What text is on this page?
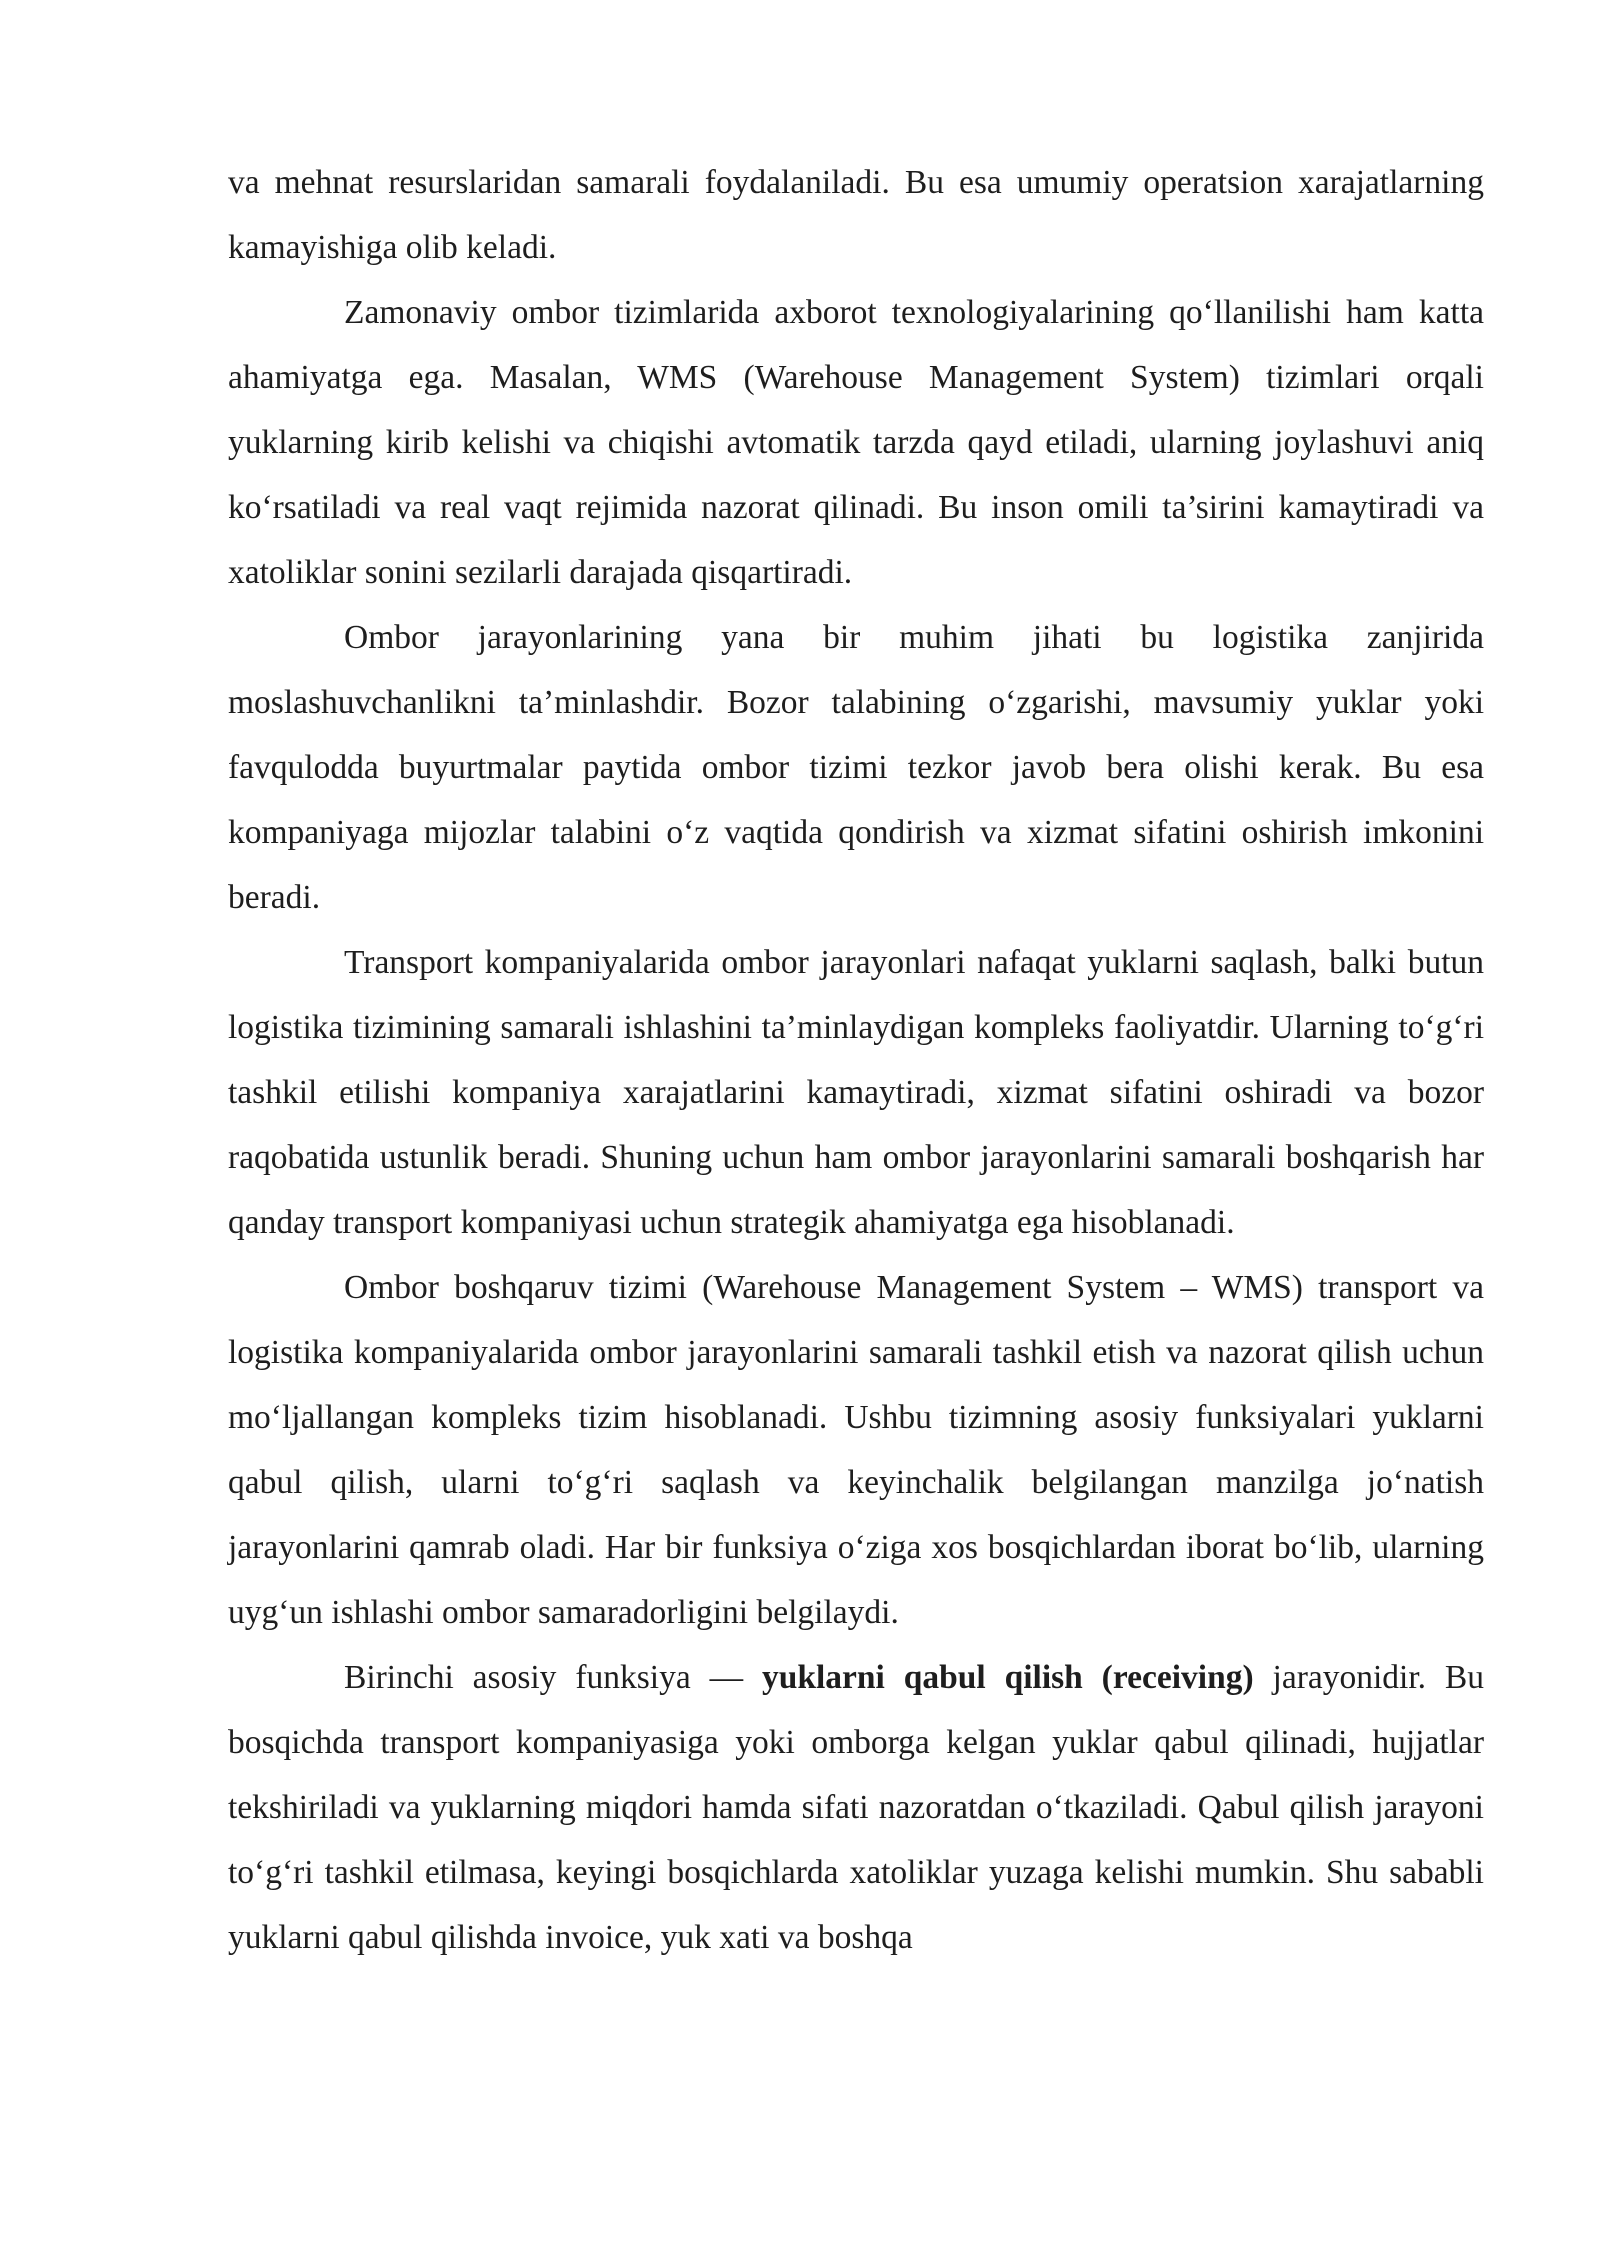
va mehnat resurslaridan samarali foydalaniladi. Bu esa umumiy operatsion xarajatlarning kamayishiga olib keladi.

Zamonaviy ombor tizimlarida axborot texnologiyalarining qo‘llanilishi ham katta ahamiyatga ega. Masalan, WMS (Warehouse Management System) tizimlari orqali yuklarning kirib kelishi va chiqishi avtomatik tarzda qayd etiladi, ularning joylashuvi aniq ko‘rsatiladi va real vaqt rejimida nazorat qilinadi. Bu inson omili ta’sirini kamaytiradi va xatoliklar sonini sezilarli darajada qisqartiradi.

Ombor jarayonlarining yana bir muhim jihati bu logistika zanjirida moslashuvchanlikni ta’minlashdir. Bozor talabining o‘zgarishi, mavsumiy yuklar yoki favqulodda buyurtmalar paytida ombor tizimi tezkor javob bera olishi kerak. Bu esa kompaniyaga mijozlar talabini o‘z vaqtida qondirish va xizmat sifatini oshirish imkonini beradi.

Transport kompaniyalarida ombor jarayonlari nafaqat yuklarni saqlash, balki butun logistika tizimining samarali ishlashini ta’minlaydigan kompleks faoliyatdir. Ularning to‘g‘ri tashkil etilishi kompaniya xarajatlarini kamaytiradi, xizmat sifatini oshiradi va bozor raqobatida ustunlik beradi. Shuning uchun ham ombor jarayonlarini samarali boshqarish har qanday transport kompaniyasi uchun strategik ahamiyatga ega hisoblanadi.

Ombor boshqaruv tizimi (Warehouse Management System – WMS) transport va logistika kompaniyalarida ombor jarayonlarini samarali tashkil etish va nazorat qilish uchun mo‘ljallangan kompleks tizim hisoblanadi. Ushbu tizimning asosiy funksiyalari yuklarni qabul qilish, ularni to‘g‘ri saqlash va keyinchalik belgilangan manzilga jo‘natish jarayonlarini qamrab oladi. Har bir funksiya o‘ziga xos bosqichlardan iborat bo‘lib, ularning uyg‘un ishlashi ombor samaradorligini belgilaydi.

Birinchi asosiy funksiya — yuklarni qabul qilish (receiving) jarayonidir. Bu bosqichda transport kompaniyasiga yoki omborga kelgan yuklar qabul qilinadi, hujjatlar tekshiriladi va yuklarning miqdori hamda sifati nazoratdan o‘tkaziladi. Qabul qilish jarayoni to‘g‘ri tashkil etilmasa, keyingi bosqichlarda xatoliklar yuzaga kelishi mumkin. Shu sababli yuklarni qabul qilishda invoice, yuk xati va boshqa
